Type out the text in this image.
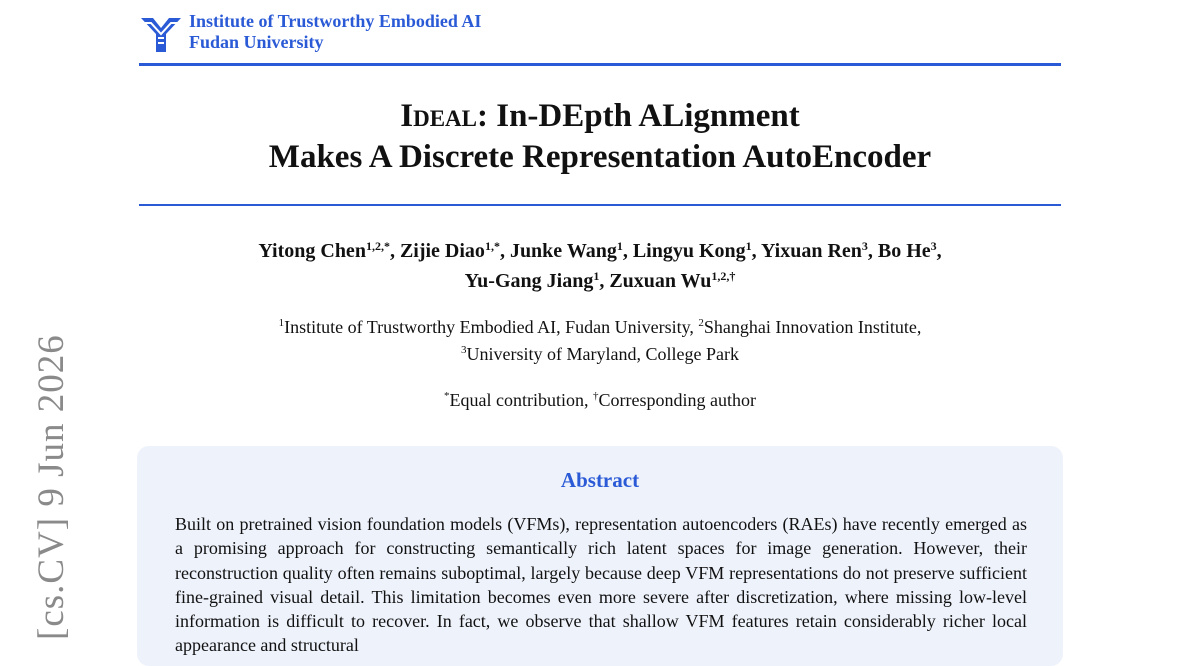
[cs.CV] 9 Jun 2026
Institute of Trustworthy Embodied AI
Fudan University
Ideal: In-DEpth ALignment
Makes A Discrete Representation AutoEncoder
Yitong Chen$^{1,2,*}$, Zijie Diao$^{1,*}$, Junke Wang$^1$, Lingyu Kong$^1$, Yixuan Ren$^3$, Bo He$^3$,
Yu-Gang Jiang$^1$, Zuxuan $Wu^{1,2,\dagger}$
$^1$Institute of Trustworthy Embodied AI, Fudan University, $^2$Shanghai Innovation Institute,
$^3$University of Maryland, College Park
*Equal contribution, †Corresponding author
Abstract
Built on pretrained vision foundation models (VFMs), representation autoencoders (RAEs) have recently emerged as a promising approach for constructing semantically rich latent spaces for image generation. However, their reconstruction quality often remains suboptimal, largely because deep VFM representations do not preserve sufficient fine-grained visual detail. This limitation becomes even more severe after discretization, where missing low-level information is difficult to recover. In fact, we observe that shallow VFM features retain considerably richer local appearance and structural
